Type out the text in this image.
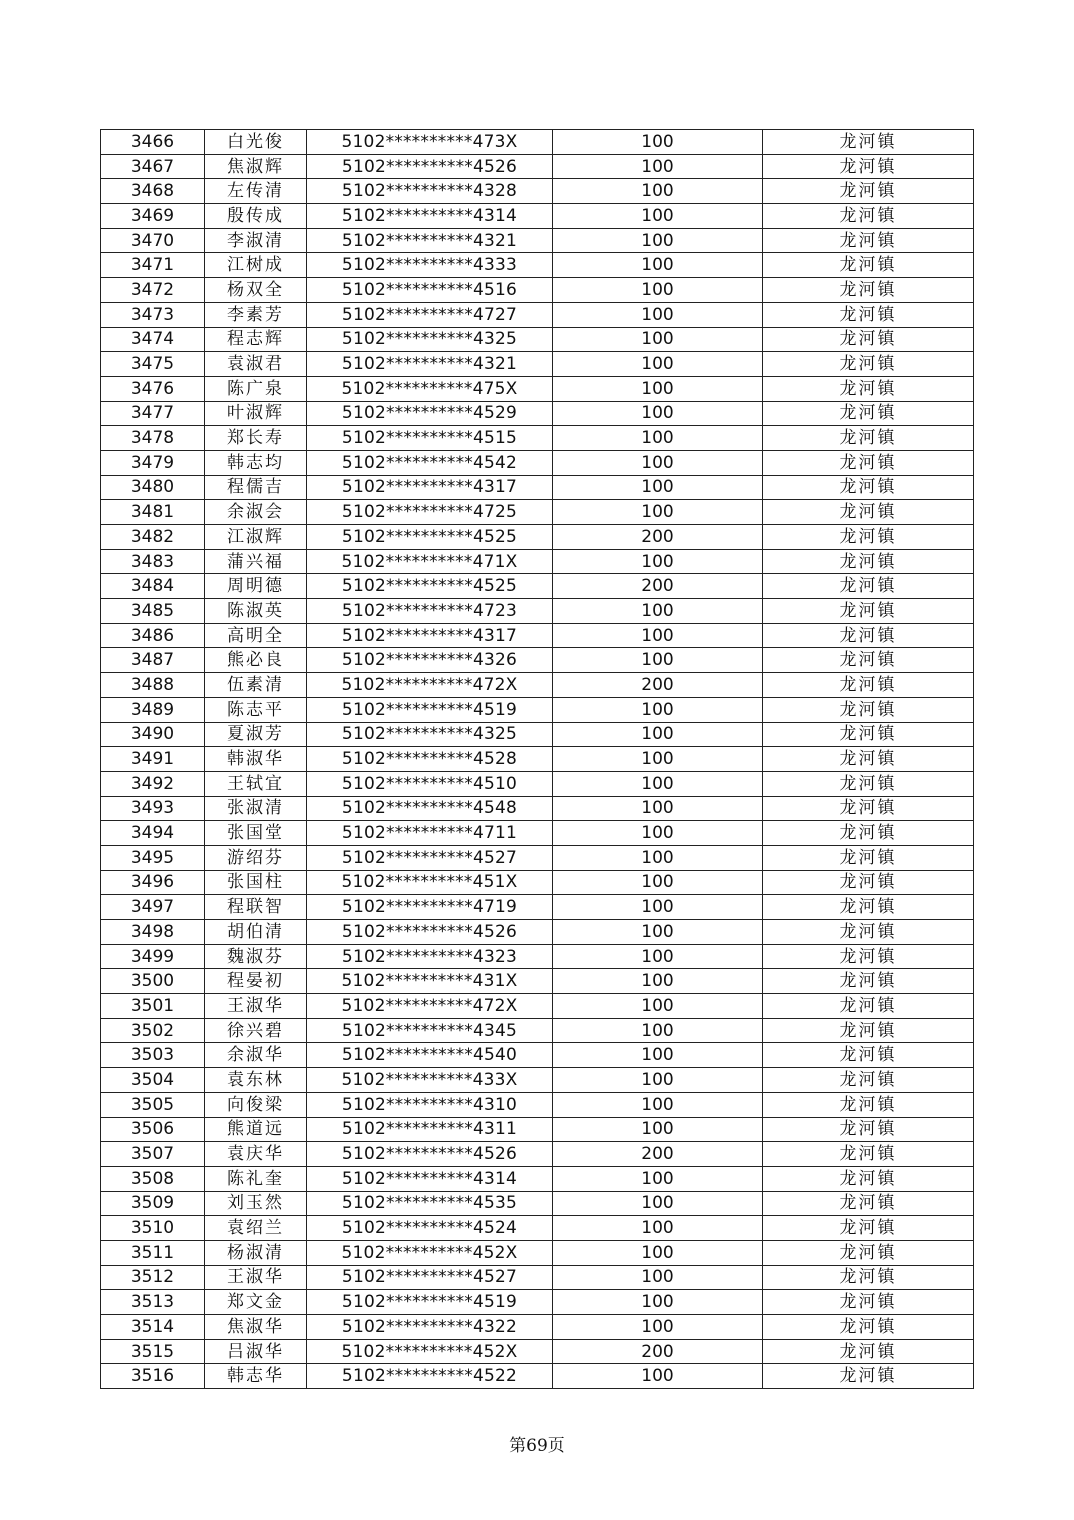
3466	白光俊	5102**********473X	100	龙河镇
3467	焦淑辉	5102**********4526	100	龙河镇
3468	左传清	5102**********4328	100	龙河镇
3469	殷传成	5102**********4314	100	龙河镇
3470	李淑清	5102**********4321	100	龙河镇
3471	江树成	5102**********4333	100	龙河镇
3472	杨双全	5102**********4516	100	龙河镇
3473	李素芳	5102**********4727	100	龙河镇
3474	程志辉	5102**********4325	100	龙河镇
3475	袁淑君	5102**********4321	100	龙河镇
3476	陈广泉	5102**********475X	100	龙河镇
3477	叶淑辉	5102**********4529	100	龙河镇
3478	郑长寿	5102**********4515	100	龙河镇
3479	韩志均	5102**********4542	100	龙河镇
3480	程儒吉	5102**********4317	100	龙河镇
3481	余淑会	5102**********4725	100	龙河镇
3482	江淑辉	5102**********4525	200	龙河镇
3483	蒲兴福	5102**********471X	100	龙河镇
3484	周明德	5102**********4525	200	龙河镇
3485	陈淑英	5102**********4723	100	龙河镇
3486	高明全	5102**********4317	100	龙河镇
3487	熊必良	5102**********4326	100	龙河镇
3488	伍素清	5102**********472X	200	龙河镇
3489	陈志平	5102**********4519	100	龙河镇
3490	夏淑芳	5102**********4325	100	龙河镇
3491	韩淑华	5102**********4528	100	龙河镇
3492	王轼宜	5102**********4510	100	龙河镇
3493	张淑清	5102**********4548	100	龙河镇
3494	张国堂	5102**********4711	100	龙河镇
3495	游绍芬	5102**********4527	100	龙河镇
3496	张国柱	5102**********451X	100	龙河镇
3497	程联智	5102**********4719	100	龙河镇
3498	胡伯清	5102**********4526	100	龙河镇
3499	魏淑芬	5102**********4323	100	龙河镇
3500	程晏初	5102**********431X	100	龙河镇
3501	王淑华	5102**********472X	100	龙河镇
3502	徐兴碧	5102**********4345	100	龙河镇
3503	余淑华	5102**********4540	100	龙河镇
3504	袁东林	5102**********433X	100	龙河镇
3505	向俊梁	5102**********4310	100	龙河镇
3506	熊道远	5102**********4311	100	龙河镇
3507	袁庆华	5102**********4526	200	龙河镇
3508	陈礼奎	5102**********4314	100	龙河镇
3509	刘玉然	5102**********4535	100	龙河镇
3510	袁绍兰	5102**********4524	100	龙河镇
3511	杨淑清	5102**********452X	100	龙河镇
3512	王淑华	5102**********4527	100	龙河镇
3513	郑文金	5102**********4519	100	龙河镇
3514	焦淑华	5102**********4322	100	龙河镇
3515	吕淑华	5102**********452X	200	龙河镇
3516	韩志华	5102**********4522	100	龙河镇
第69页
